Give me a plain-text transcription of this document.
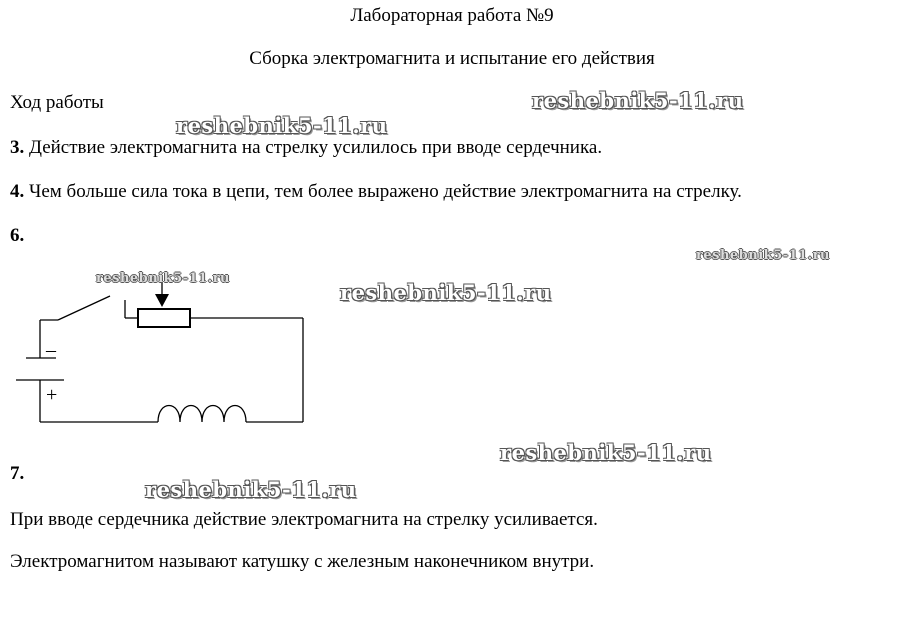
Лабораторная работа №9
Сборка электромагнита и испытание его действия
Ход работы
3. Действие электромагнита на стрелку усилилось при вводе сердечника.
4. Чем больше сила тока в цепи, тем более выражено действие электромагнита на стрелку.
6.
–
+
7.
При вводе сердечника действие электромагнита на стрелку усиливается.
Электромагнитом называют катушку с железным наконечником внутри.
reshebnik5-11.ru
reshebnik5-11.ru
reshebnik5-11.ru
reshebnik5-11.ru
reshebnik5-11.ru
reshebnik5-11.ru
reshebnik5-11.ru
